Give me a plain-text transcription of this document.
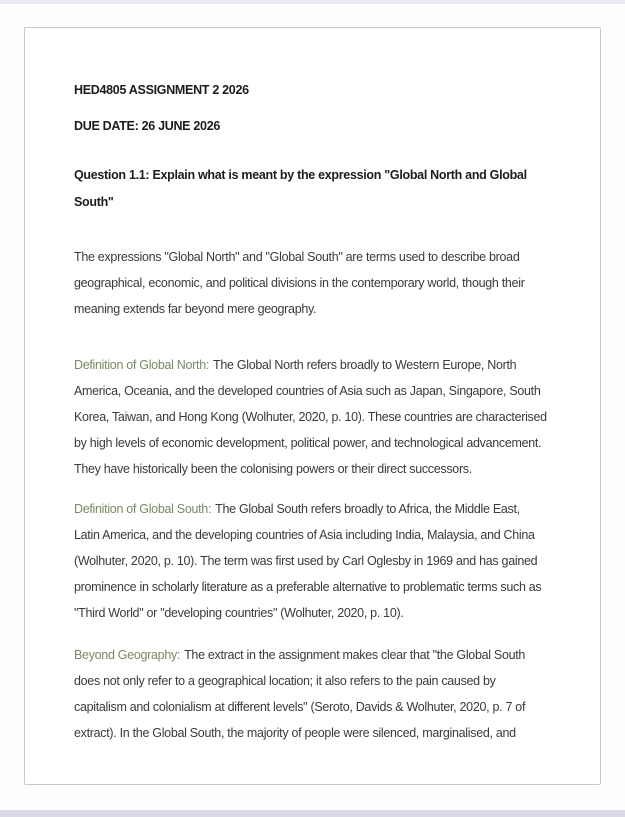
HED4805 ASSIGNMENT 2 2026

DUE DATE: 26 JUNE 2026

Question 1.1: Explain what is meant by the expression "Global North and Global South"

The expressions "Global North" and "Global South" are terms used to describe broad geographical, economic, and political divisions in the contemporary world, though their meaning extends far beyond mere geography.

Definition of Global North: The Global North refers broadly to Western Europe, North America, Oceania, and the developed countries of Asia such as Japan, Singapore, South Korea, Taiwan, and Hong Kong (Wolhuter, 2020, p. 10). These countries are characterised by high levels of economic development, political power, and technological advancement. They have historically been the colonising powers or their direct successors.

Definition of Global South: The Global South refers broadly to Africa, the Middle East, Latin America, and the developing countries of Asia including India, Malaysia, and China (Wolhuter, 2020, p. 10). The term was first used by Carl Oglesby in 1969 and has gained prominence in scholarly literature as a preferable alternative to problematic terms such as "Third World" or "developing countries" (Wolhuter, 2020, p. 10).

Beyond Geography: The extract in the assignment makes clear that "the Global South does not only refer to a geographical location; it also refers to the pain caused by capitalism and colonialism at different levels" (Seroto, Davids & Wolhuter, 2020, p. 7 of extract). In the Global South, the majority of people were silenced, marginalised, and
